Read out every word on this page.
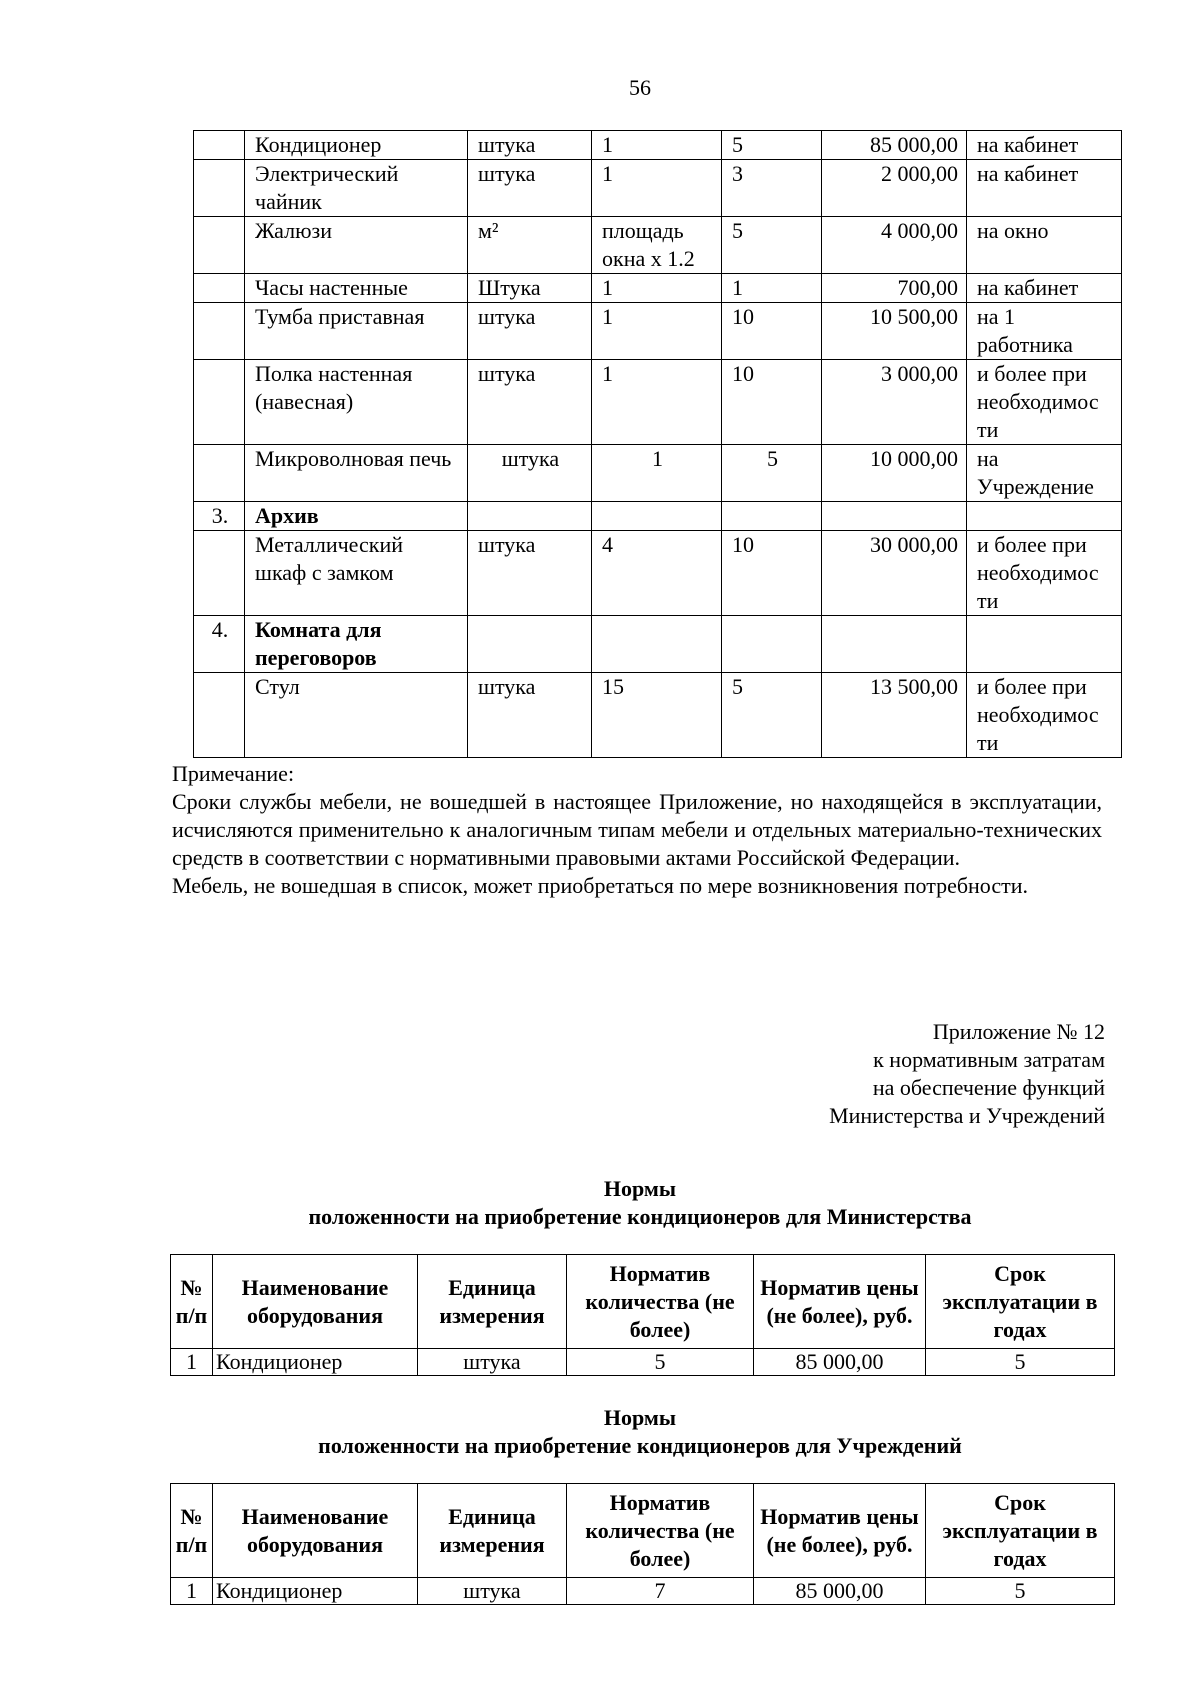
56
	Кондиционер	штука	1	5	85 000,00	на кабинет
	Электрический чайник	штука	1	3	2 000,00	на кабинет
	Жалюзи	м²	площадь окна х 1.2	5	4 000,00	на окно
	Часы настенные	Штука	1	1	700,00	на кабинет
	Тумба приставная	штука	1	10	10 500,00	на 1 работника
	Полка настенная (навесная)	штука	1	10	3 000,00	и более при необходимос ти
	Микроволновая печь	штука	1	5	10 000,00	на Учреждение
3.	Архив					
	Металлический шкаф с замком	штука	4	10	30 000,00	и более при необходимос ти
4.	Комната для переговоров					
	Стул	штука	15	5	13 500,00	и более при необходимос ти

Примечание:

Сроки службы мебели, не вошедшей в настоящее Приложение, но находящейся в эксплуатации, исчисляются применительно к аналогичным типам мебели и отдельных материально-технических средств в соответствии с нормативными правовыми актами Российской Федерации.

Мебель, не вошедшая в список, может приобретаться по мере возникновения потребности.

Приложение № 12
к нормативным затратам
на обеспечение функций
Министерства и Учреждений
Нормы
положенности на приобретение кондиционеров для Министерства
№ п/п	Наименование оборудования	Единица измерения	Норматив количества (не более)	Норматив цены (не более), руб.	Срок эксплуатации в годах
1	Кондиционер	штука	5	85 000,00	5
Нормы
положенности на приобретение кондиционеров для Учреждений
№ п/п	Наименование оборудования	Единица измерения	Норматив количества (не более)	Норматив цены (не более), руб.	Срок эксплуатации в годах
1	Кондиционер	штука	7	85 000,00	5
